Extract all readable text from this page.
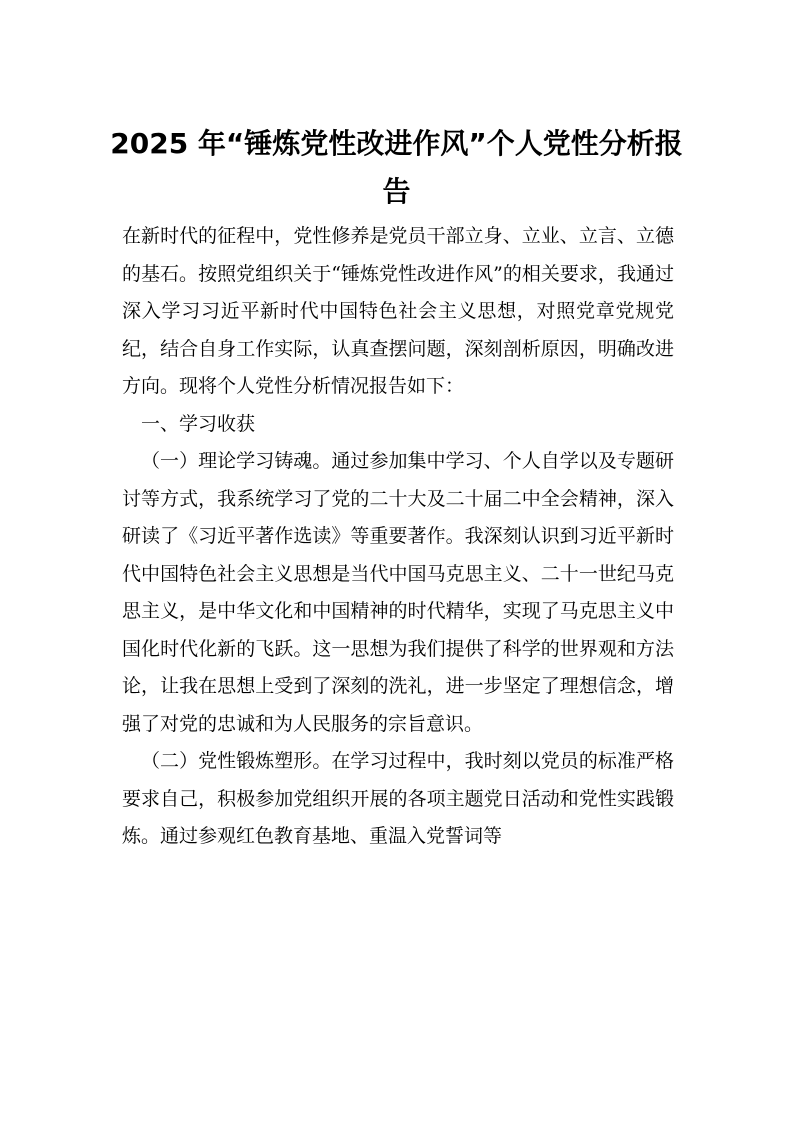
2025 年“锤炼党性改进作风”个人党性分析报告

在新时代的征程中，党性修养是党员干部立身、立业、立言、立德的基石。按照党组织关于“锤炼党性改进作风”的相关要求，我通过深入学习习近平新时代中国特色社会主义思想，对照党章党规党纪，结合自身工作实际，认真查摆问题，深刻剖析原因，明确改进方向。现将个人党性分析情况报告如下：

一、学习收获

（一）理论学习铸魂。通过参加集中学习、个人自学以及专题研讨等方式，我系统学习了党的二十大及二十届二中全会精神，深入研读了《习近平著作选读》等重要著作。我深刻认识到习近平新时代中国特色社会主义思想是当代中国马克思主义、二十一世纪马克思主义，是中华文化和中国精神的时代精华，实现了马克思主义中国化时代化新的飞跃。这一思想为我们提供了科学的世界观和方法论，让我在思想上受到了深刻的洗礼，进一步坚定了理想信念，增强了对党的忠诚和为人民服务的宗旨意识。

（二）党性锻炼塑形。在学习过程中，我时刻以党员的标准严格要求自己，积极参加党组织开展的各项主题党日活动和党性实践锻炼。通过参观红色教育基地、重温入党誓词等
